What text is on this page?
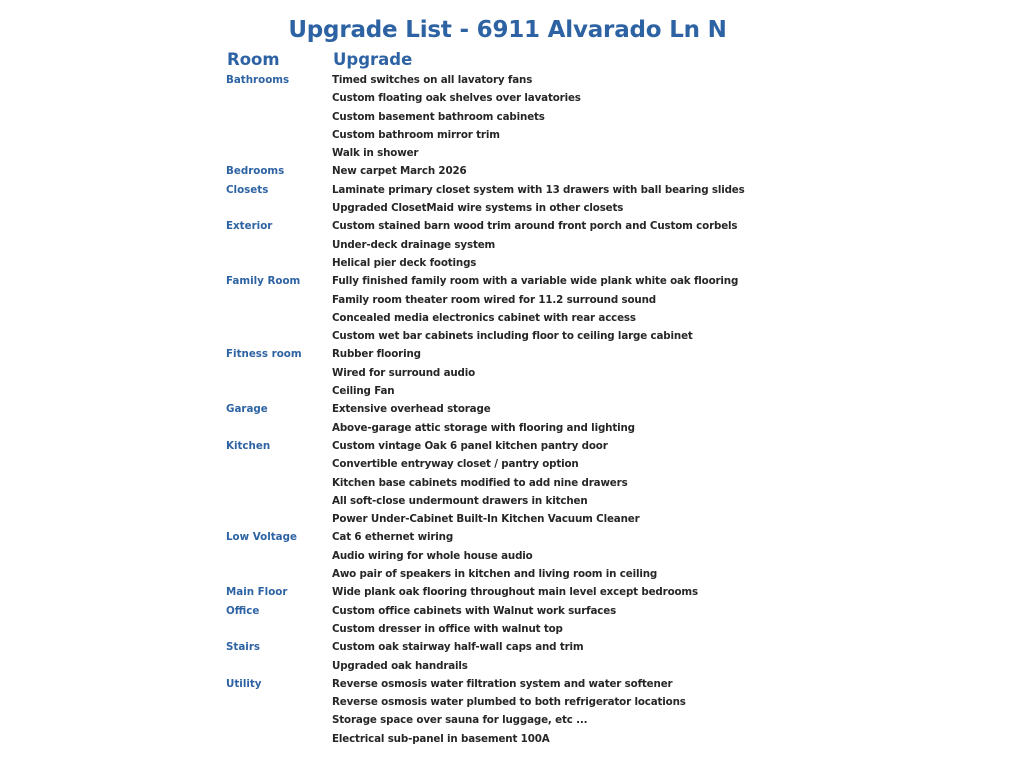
Upgrade List - 6911 Alvarado Ln N
Room	Upgrade
Bathrooms	Timed switches on all lavatory fans
Custom floating oak shelves over lavatories
Custom basement bathroom cabinets
Custom bathroom mirror trim
Walk in shower
Bedrooms	New carpet March 2026
Closets	Laminate primary closet system with 13 drawers with ball bearing slides
Upgraded ClosetMaid wire systems in other closets
Exterior	Custom stained barn wood trim around front porch and Custom corbels
Under-deck drainage system
Helical pier deck footings
Family Room	Fully finished family room with a variable wide plank white oak flooring
Family room theater room wired for 11.2 surround sound
Concealed media electronics cabinet with rear access
Custom wet bar cabinets including floor to ceiling large cabinet
Fitness room	Rubber flooring
Wired for surround audio
Ceiling Fan
Garage	Extensive overhead storage
Above-garage attic storage with flooring and lighting
Kitchen	Custom vintage Oak 6 panel kitchen pantry door
Convertible entryway closet / pantry option
Kitchen base cabinets modified to add nine drawers
All soft-close undermount drawers in kitchen
Power Under-Cabinet Built-In Kitchen Vacuum Cleaner
Low Voltage	Cat 6 ethernet wiring
Audio wiring for whole house audio
Awo pair of speakers in kitchen and living room in ceiling
Main Floor	Wide plank oak flooring throughout main level except bedrooms
Office	Custom office cabinets with Walnut work surfaces
Custom dresser in office with walnut top
Stairs	Custom oak stairway half-wall caps and trim
Upgraded oak handrails
Utility	Reverse osmosis water filtration system and water softener
Reverse osmosis water plumbed to both refrigerator locations
Storage space over sauna for luggage, etc ...
Electrical sub-panel in basement 100A
